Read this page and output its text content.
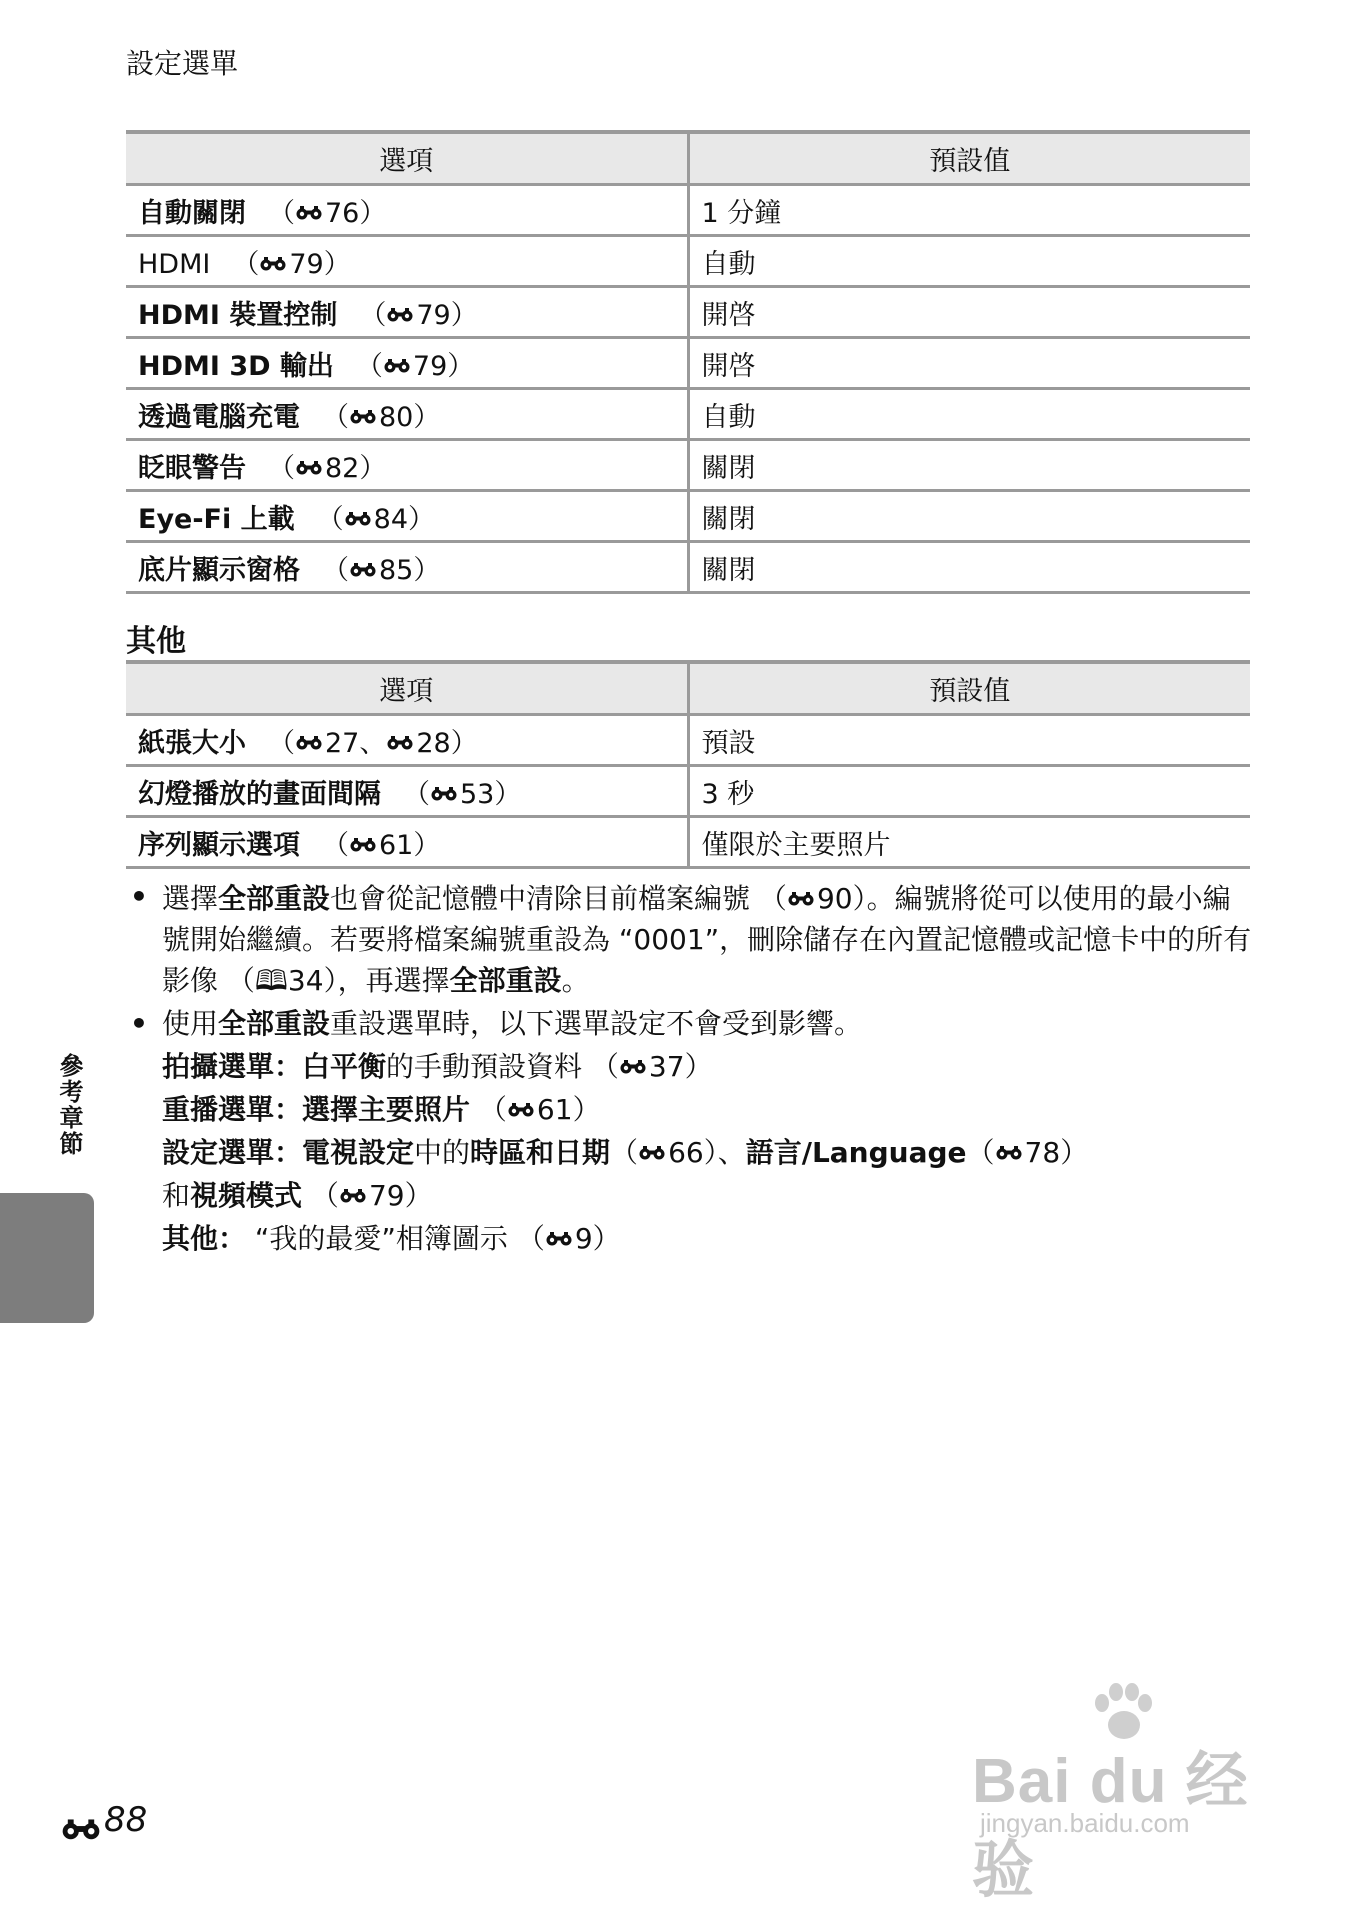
設定選單
選項	預設值
自動關閉 （ 76）	1 分鐘
HDMI （ 79）	自動
HDMI 裝置控制 （ 79）	開啓
HDMI 3D 輸出 （ 79）	開啓
透過電腦充電 （ 80）	自動
眨眼警告 （ 82）	關閉
Eye-Fi 上載 （ 84）	關閉
底片顯示窗格 （ 85）	關閉
其他
選項	預設值
紙張大小 （ 27、 28）	預設
幻燈播放的畫面間隔 （ 53）	3 秒
序列顯示選項 （ 61）	僅限於主要照片
• 選擇全部重設也會從記憶體中清除目前檔案編號 （ 90）。編號將從可以使用的最小編號開始繼續。若要將檔案編號重設為 “0001”，刪除儲存在內置記憶體或記憶卡中的所有影像 （🕮34），再選擇全部重設。
• 使用全部重設重設選單時，以下選單設定不會受到影響。
拍攝選單：白平衡的手動預設資料 （ 37）
重播選單：選擇主要照片 （ 61）
設定選單：電視設定中的時區和日期（ 66）、語言/Language（ 78）
和視頻模式 （ 79）
其他： “我的最愛”相簿圖示 （ 9）
參考章節
88
Bai du 经验
jingyan.baidu.com
